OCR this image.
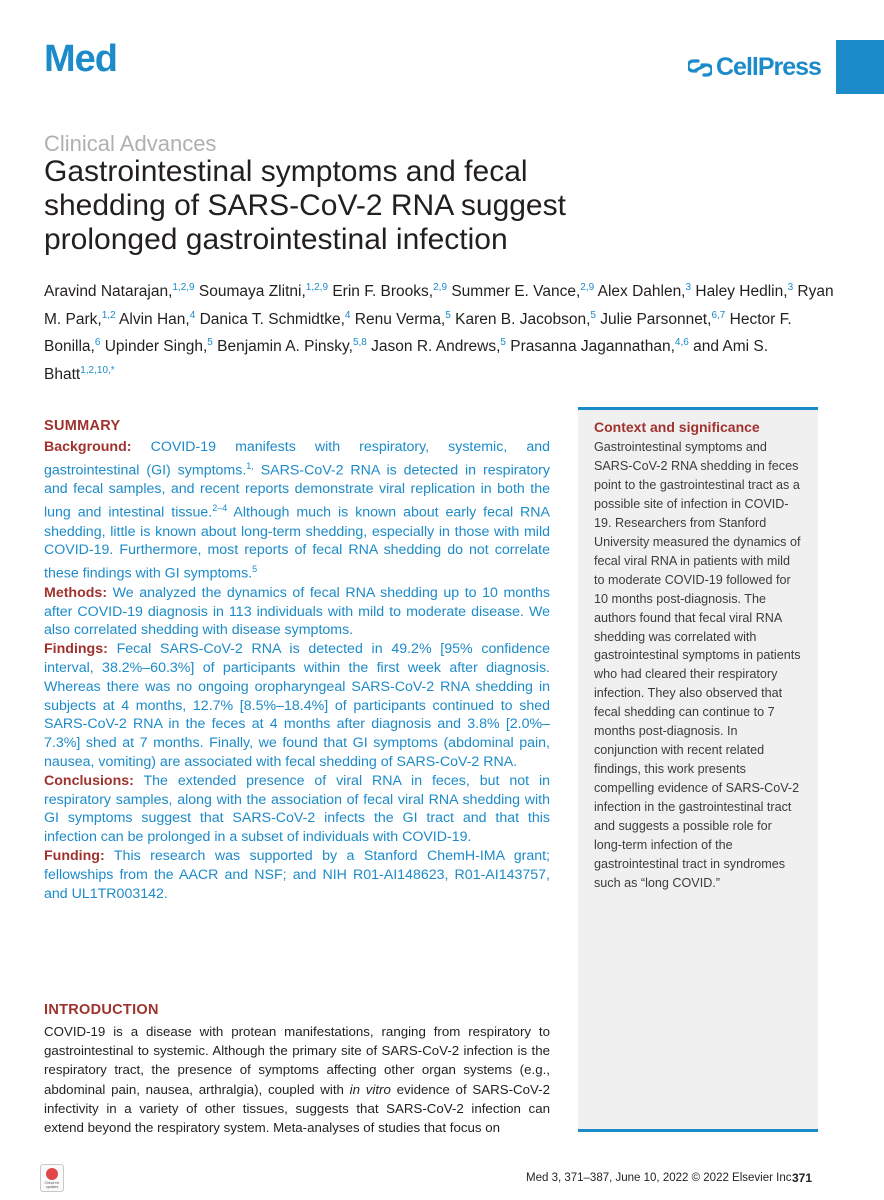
Med	CellPress
Clinical Advances
Gastrointestinal symptoms and fecal shedding of SARS-CoV-2 RNA suggest prolonged gastrointestinal infection
Aravind Natarajan,$^{1,2,9}$ Soumaya Zlitni,$^{1,2,9}$ Erin F. Brooks,$^{2,9}$ Summer E. Vance,$^{2,9}$ Alex Dahlen,$^3$ Haley Hedlin,$^3$ Ryan M. Park,$^{1,2}$ Alvin Han,$^4$ Danica T. Schmidtke,$^4$ Renu Verma,$^5$ Karen B. Jacobson,$^5$ Julie Parsonnet,$^{6,7}$ Hector F. Bonilla,$^6$ Upinder Singh,$^5$ Benjamin A. Pinsky,$^{5,8}$ Jason R. Andrews,$^5$ Prasanna Jagannathan,$^{4,6}$ and Ami S. Bhatt$^{1,2,10,*}$
SUMMARY

Background: COVID-19 manifests with respiratory, systemic, and gastrointestinal (GI) symptoms.$^{1,}$ SARS-CoV-2 RNA is detected in respiratory and fecal samples, and recent reports demonstrate viral replication in both the lung and intestinal tissue.$^{2-4}$ Although much is known about early fecal RNA shedding, little is known about long-term shedding, especially in those with mild COVID-19. Furthermore, most reports of fecal RNA shedding do not correlate these findings with GI symptoms.$^5$
Methods: We analyzed the dynamics of fecal RNA shedding up to 10 months after COVID-19 diagnosis in 113 individuals with mild to moderate disease. We also correlated shedding with disease symptoms.
Findings: Fecal SARS-CoV-2 RNA is detected in 49.2% [95% confidence interval, 38.2%–60.3%] of participants within the first week after diagnosis. Whereas there was no ongoing oropharyngeal SARS-CoV-2 RNA shedding in subjects at 4 months, 12.7% [8.5%–18.4%] of participants continued to shed SARS-CoV-2 RNA in the feces at 4 months after diagnosis and 3.8% [2.0%–7.3%] shed at 7 months. Finally, we found that GI symptoms (abdominal pain, nausea, vomiting) are associated with fecal shedding of SARS-CoV-2 RNA.
Conclusions: The extended presence of viral RNA in feces, but not in respiratory samples, along with the association of fecal viral RNA shedding with GI symptoms suggest that SARS-CoV-2 infects the GI tract and that this infection can be prolonged in a subset of individuals with COVID-19.
Funding: This research was supported by a Stanford ChemH-IMA grant; fellowships from the AACR and NSF; and NIH R01-AI148623, R01-AI143757, and UL1TR003142.

INTRODUCTION

COVID-19 is a disease with protean manifestations, ranging from respiratory to gastrointestinal to systemic. Although the primary site of SARS-CoV-2 infection is the respiratory tract, the presence of symptoms affecting other organ systems (e.g., abdominal pain, nausea, arthralgia), coupled with in vitro evidence of SARS-CoV-2 infectivity in a variety of other tissues, suggests that SARS-CoV-2 infection can extend beyond the respiratory system. Meta-analyses of studies that focus on

Context and significance

Gastrointestinal symptoms and SARS-CoV-2 RNA shedding in feces point to the gastrointestinal tract as a possible site of infection in COVID-19. Researchers from Stanford University measured the dynamics of fecal viral RNA in patients with mild to moderate COVID-19 followed for 10 months post-diagnosis. The authors found that fecal viral RNA shedding was correlated with gastrointestinal symptoms in patients who had cleared their respiratory infection. They also observed that fecal shedding can continue to 7 months post-diagnosis. In conjunction with recent related findings, this work presents compelling evidence of SARS-CoV-2 infection in the gastrointestinal tract and suggests a possible role for long-term infection of the gastrointestinal tract in syndromes such as “long COVID.”

Check for updates
Med 3, 371–387, June 10, 2022 © 2022 Elsevier Inc.
371
